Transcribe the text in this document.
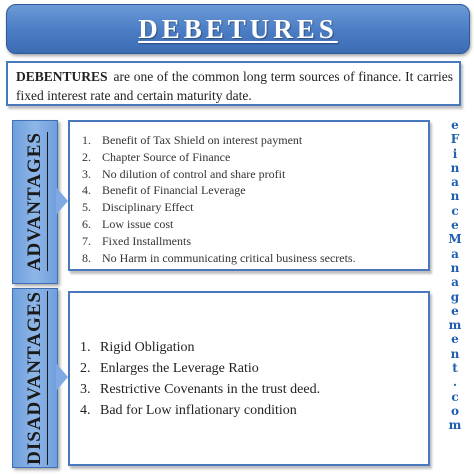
DEBETURES
DEBENTURES are one of the common long term sources of finance. It carries fixed interest rate and certain maturity date.
ADVANTAGES	1. Benefit of Tax Shield on interest payment
2. Chapter Source of Finance
3. No dilution of control and share profit
4. Benefit of Financial Leverage
5. Disciplinary Effect
6. Low issue cost
7. Fixed Installments
8. No Harm in communicating critical business secrets.
DISADVANTAGES	1. Rigid Obligation
2. Enlarges the Leverage Ratio
3. Restrictive Covenants in the trust deed.
4. Bad for Low inflationary condition
e
F
i
n
a
n
c
e
M
a
n
a
g
e
m
e
n
t
.
c
o
m
